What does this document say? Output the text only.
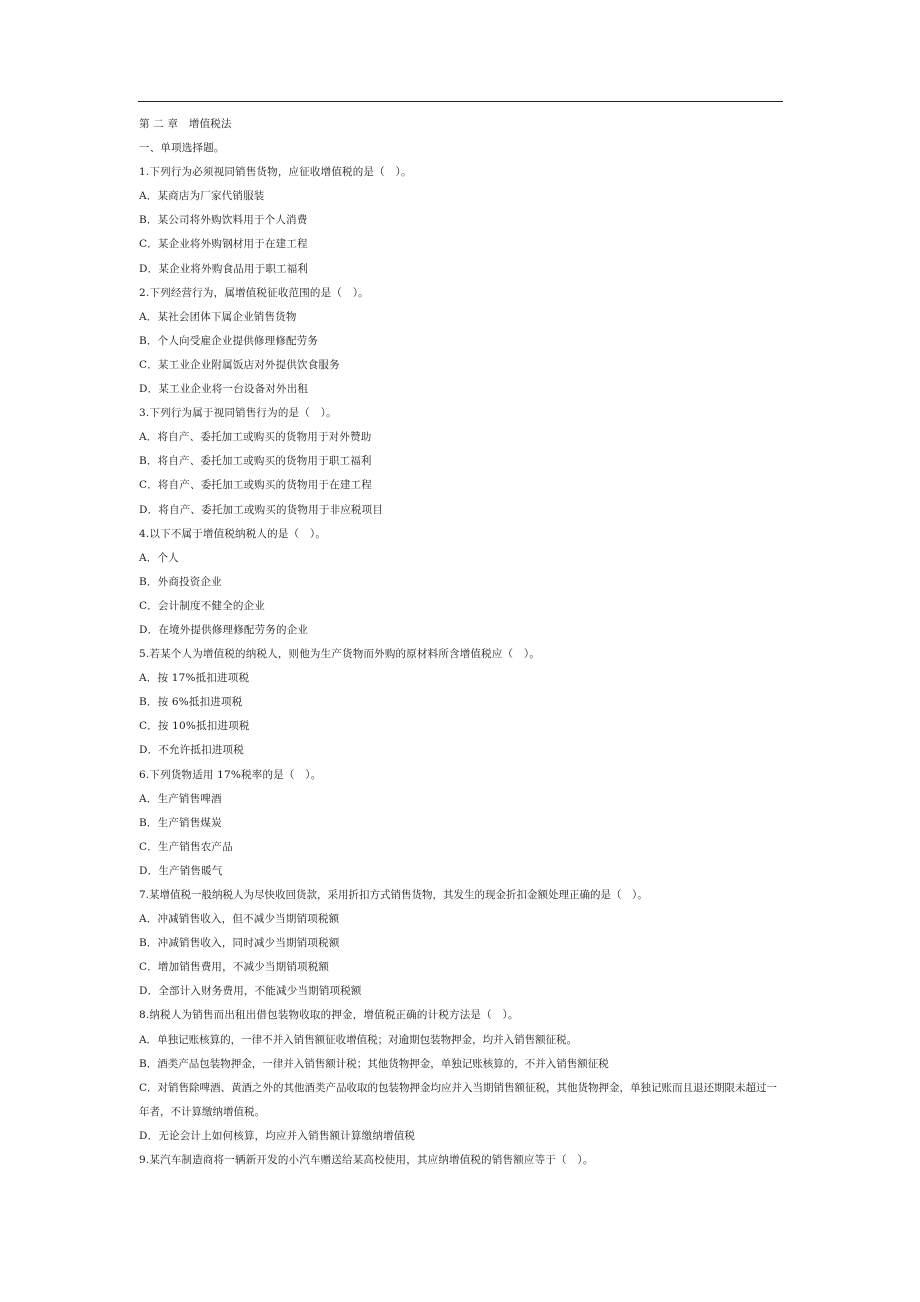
第 二 章　增值税法
一、单项选择题。
1.下列行为必须视同销售货物，应征收增值税的是（　）。
A．某商店为厂家代销服装
B．某公司将外购饮料用于个人消费
C．某企业将外购钢材用于在建工程
D．某企业将外购食品用于职工福利
2.下列经营行为，属增值税征收范围的是（　）。
A．某社会团体下属企业销售货物
B．个人向受雇企业提供修理修配劳务
C．某工业企业附属饭店对外提供饮食服务
D．某工业企业将一台设备对外出租
3.下列行为属于视同销售行为的是（　）。
A．将自产、委托加工或购买的货物用于对外赞助
B．将自产、委托加工或购买的货物用于职工福利
C．将自产、委托加工或购买的货物用于在建工程
D．将自产、委托加工或购买的货物用于非应税项目
4.以下不属于增值税纳税人的是（　）。
A．个人
B．外商投资企业
C．会计制度不健全的企业
D．在境外提供修理修配劳务的企业
5.若某个人为增值税的纳税人，则他为生产货物而外购的原材料所含增值税应（　）。
A．按 17%抵扣进项税
B．按 6%抵扣进项税
C．按 10%抵扣进项税
D．不允许抵扣进项税
6.下列货物适用 17%税率的是（　）。
A．生产销售啤酒
B．生产销售煤炭
C．生产销售农产品
D．生产销售暖气
7.某增值税一般纳税人为尽快收回货款，采用折扣方式销售货物，其发生的现金折扣金额处理正确的是（　）。
A．冲减销售收入，但不减少当期销项税额
B．冲减销售收入，同时减少当期销项税额
C．增加销售费用，不减少当期销项税额
D．全部计入财务费用，不能减少当期销项税额
8.纳税人为销售而出租出借包装物收取的押金，增值税正确的计税方法是（　）。
A．单独记账核算的，一律不并入销售额征收增值税；对逾期包装物押金，均并入销售额征税。
B．酒类产品包装物押金，一律并入销售额计税；其他货物押金，单独记账核算的，不并入销售额征税
C．对销售除啤酒、黄酒之外的其他酒类产品收取的包装物押金均应并入当期销售额征税，其他货物押金，单独记账而且退还期限未超过一年者，不计算缴纳增值税。
D．无论会计上如何核算，均应并入销售额计算缴纳增值税
9.某汽车制造商将一辆新开发的小汽车赠送给某高校使用，其应纳增值税的销售额应等于（　）。
